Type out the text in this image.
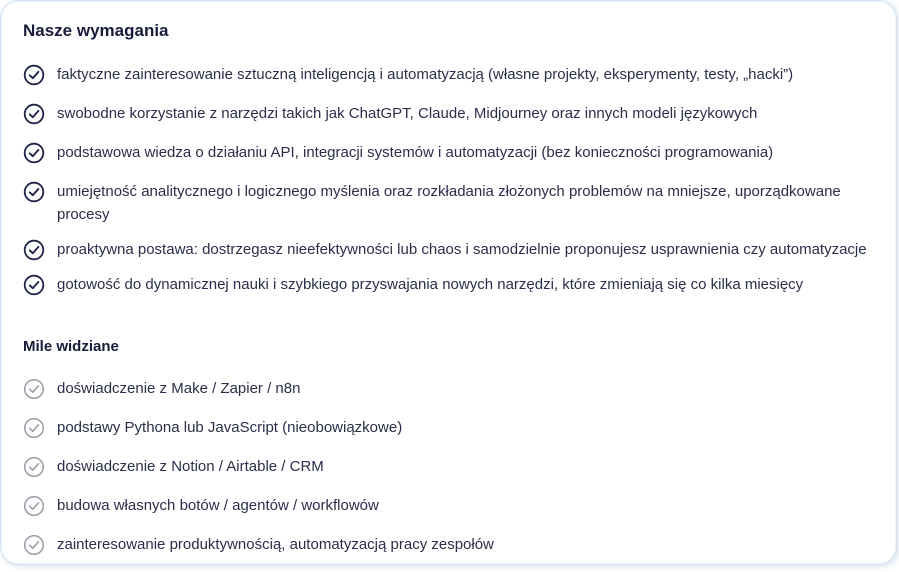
Nasze wymagania
faktyczne zainteresowanie sztuczną inteligencją i automatyzacją (własne projekty, eksperymenty, testy, „hacki”)
swobodne korzystanie z narzędzi takich jak ChatGPT, Claude, Midjourney oraz innych modeli językowych
podstawowa wiedza o działaniu API, integracji systemów i automatyzacji (bez konieczności programowania)
umiejętność analitycznego i logicznego myślenia oraz rozkładania złożonych problemów na mniejsze, uporządkowane procesy
proaktywna postawa: dostrzegasz nieefektywności lub chaos i samodzielnie proponujesz usprawnienia czy automatyzacje
gotowość do dynamicznej nauki i szybkiego przyswajania nowych narzędzi, które zmieniają się co kilka miesięcy
Mile widziane
doświadczenie z Make / Zapier / n8n
podstawy Pythona lub JavaScript (nieobowiązkowe)
doświadczenie z Notion / Airtable / CRM
budowa własnych botów / agentów / workflowów
zainteresowanie produktywnością, automatyzacją pracy zespołów
